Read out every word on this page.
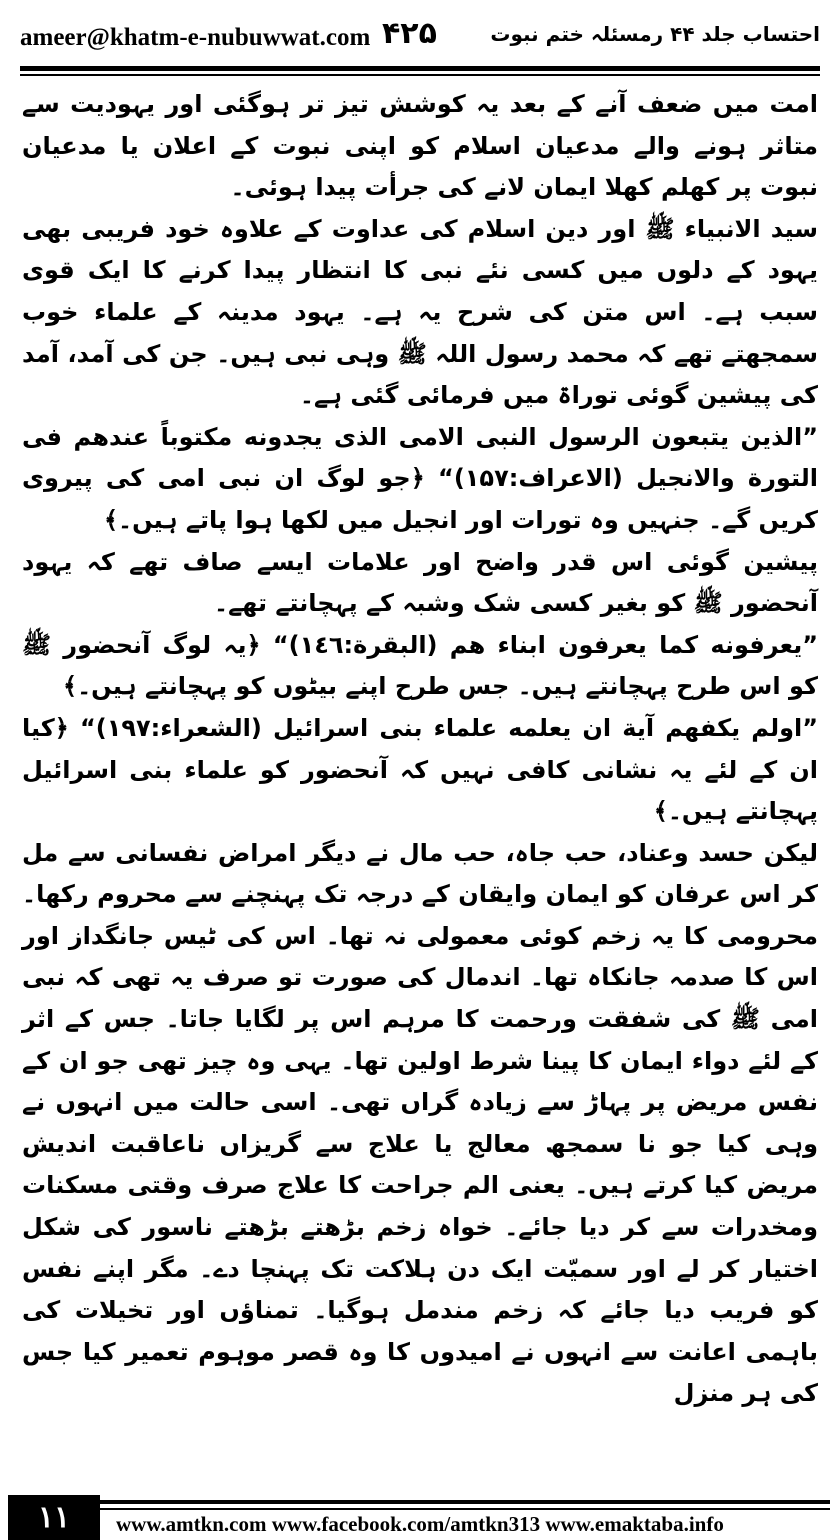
ameer@khatm-e-nubuwwat.com ۴۲۵	احتساب جلد ۴۴ رمسئلہ ختم نبوت

امت میں ضعف آنے کے بعد یہ کوشش تیز تر ہوگئی اور یہودیت سے متاثر ہونے والے مدعیان اسلام کو اپنی نبوت کے اعلان یا مدعیان نبوت پر کھلم کھلا ایمان لانے کی جرأت پیدا ہوئی۔

سید الانبیاء ﷺ اور دین اسلام کی عداوت کے علاوہ خود فریبی بھی یہود کے دلوں میں کسی نئے نبی کا انتظار پیدا کرنے کا ایک قوی سبب ہے۔ اس متن کی شرح یہ ہے۔ یہود مدینہ کے علماء خوب سمجھتے تھے کہ محمد رسول اللہ ﷺ وہی نبی ہیں۔ جن کی آمد، آمد کی پیشین گوئی توراۃ میں فرمائی گئی ہے۔

”الذین یتبعون الرسول النبی الامی الذی یجدونه مکتوباً عندهم فی التورة والانجیل (الاعراف:۱۵۷)“ ﴿جو لوگ ان نبی امی کی پیروی کریں گے۔ جنہیں وہ تورات اور انجیل میں لکھا ہوا پاتے ہیں۔﴾

پیشین گوئی اس قدر واضح اور علامات ایسے صاف تھے کہ یہود آنحضور ﷺ کو بغیر کسی شک وشبہ کے پہچانتے تھے۔

”یعرفونه کما یعرفون ابناء هم (البقرة:۱٤٦)“ ﴿یہ لوگ آنحضور ﷺ کو اس طرح پہچانتے ہیں۔ جس طرح اپنے بیٹوں کو پہچانتے ہیں۔﴾

”اولم یکفهم آیة ان یعلمه علماء بنی اسرائیل (الشعراء:۱۹۷)“ ﴿کیا ان کے لئے یہ نشانی کافی نہیں کہ آنحضور کو علماء بنی اسرائیل پہچانتے ہیں۔﴾

لیکن حسد وعناد، حب جاہ، حب مال نے دیگر امراض نفسانی سے مل کر اس عرفان کو ایمان وایقان کے درجہ تک پہنچنے سے محروم رکھا۔ محرومی کا یہ زخم کوئی معمولی نہ تھا۔ اس کی ٹیس جانگداز اور اس کا صدمہ جانکاہ تھا۔ اندمال کی صورت تو صرف یہ تھی کہ نبی امی ﷺ کی شفقت ورحمت کا مرہم اس پر لگایا جاتا۔ جس کے اثر کے لئے دواء ایمان کا پینا شرط اولین تھا۔ یہی وہ چیز تھی جو ان کے نفس مریض پر پہاڑ سے زیادہ گراں تھی۔ اسی حالت میں انہوں نے وہی کیا جو نا سمجھ معالج یا علاج سے گریزاں ناعاقبت اندیش مریض کیا کرتے ہیں۔ یعنی الم جراحت کا علاج صرف وقتی مسکنات ومخدرات سے کر دیا جائے۔ خواہ زخم بڑھتے بڑھتے ناسور کی شکل اختیار کر لے اور سمیّت ایک دن ہلاکت تک پہنچا دے۔ مگر اپنے نفس کو فریب دیا جائے کہ زخم مندمل ہوگیا۔ تمناؤں اور تخیلات کی باہمی اعانت سے انہوں نے امیدوں کا وہ قصر موہوم تعمیر کیا جس کی ہر منزل

۱۱	www.amtkn.com www.facebook.com/amtkn313 www.emaktaba.info
